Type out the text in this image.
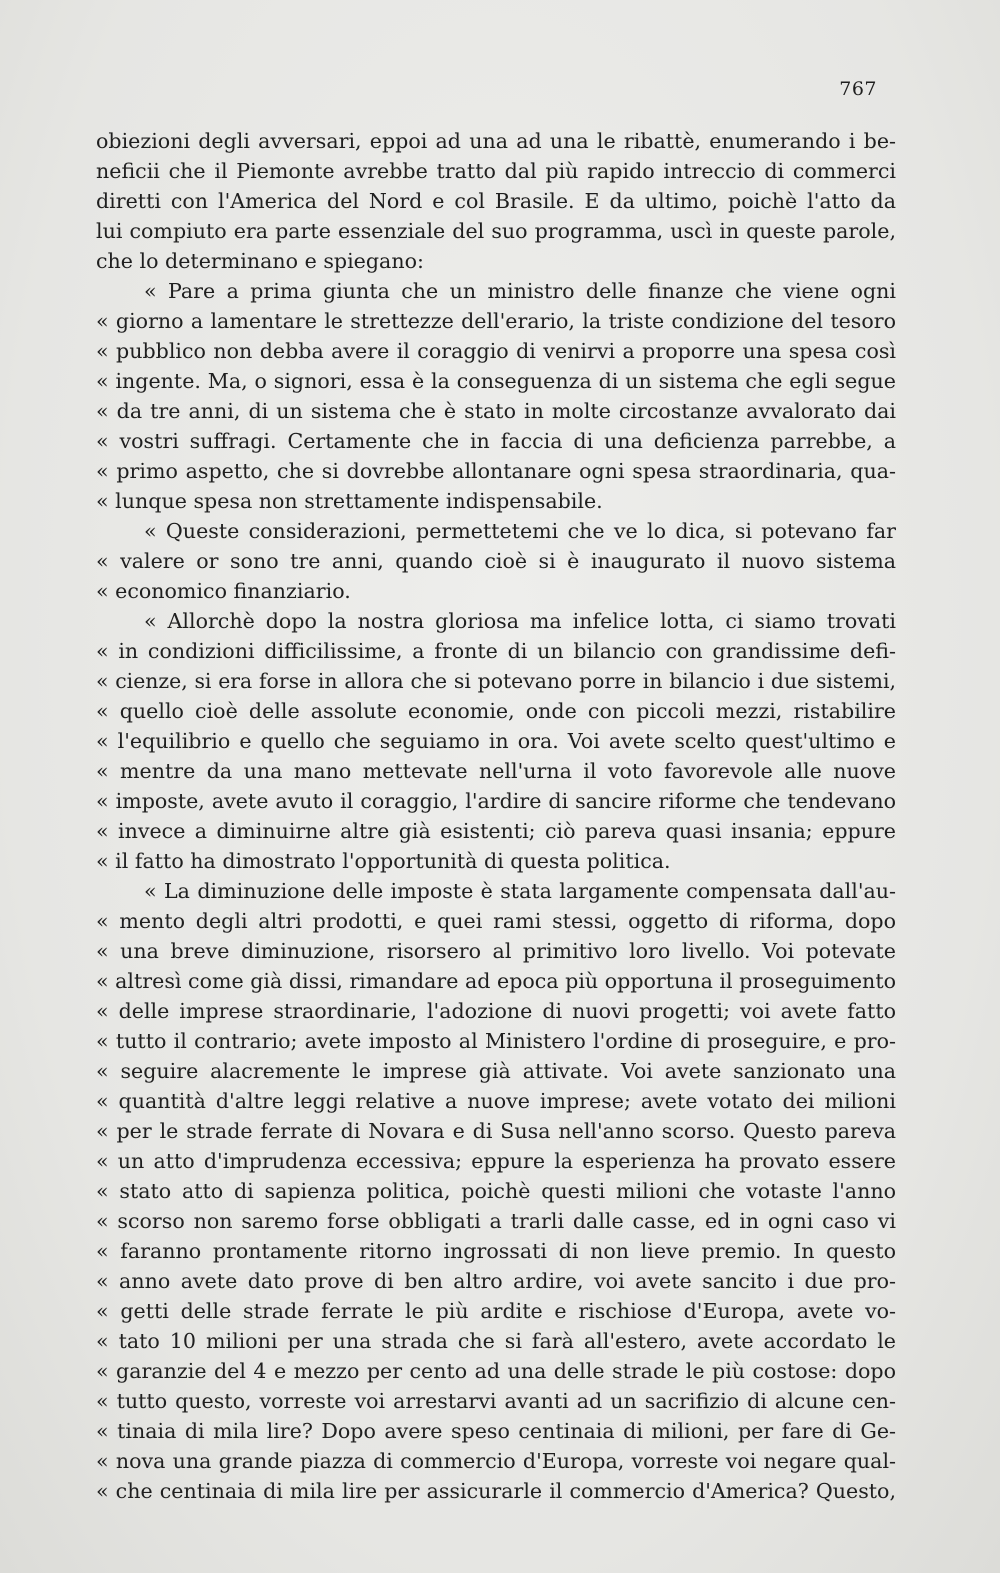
767
obiezioni degli avversari, eppoi ad una ad una le ribattè, enumerando i be-
neficii che il Piemonte avrebbe tratto dal più rapido intreccio di commerci
diretti con l'America del Nord e col Brasile. E da ultimo, poichè l'atto da
lui compiuto era parte essenziale del suo programma, uscì in queste parole,
che lo determinano e spiegano:
« Pare a prima giunta che un ministro delle finanze che viene ogni
« giorno a lamentare le strettezze dell'erario, la triste condizione del tesoro
« pubblico non debba avere il coraggio di venirvi a proporre una spesa così
« ingente. Ma, o signori, essa è la conseguenza di un sistema che egli segue
« da tre anni, di un sistema che è stato in molte circostanze avvalorato dai
« vostri suffragi. Certamente che in faccia di una deficienza parrebbe, a
« primo aspetto, che si dovrebbe allontanare ogni spesa straordinaria, qua-
« lunque spesa non strettamente indispensabile.
« Queste considerazioni, permettetemi che ve lo dica, si potevano far
« valere or sono tre anni, quando cioè si è inaugurato il nuovo sistema
« economico finanziario.
« Allorchè dopo la nostra gloriosa ma infelice lotta, ci siamo trovati
« in condizioni difficilissime, a fronte di un bilancio con grandissime defi-
« cienze, si era forse in allora che si potevano porre in bilancio i due sistemi,
« quello cioè delle assolute economie, onde con piccoli mezzi, ristabilire
« l'equilibrio e quello che seguiamo in ora. Voi avete scelto quest'ultimo e
« mentre da una mano mettevate nell'urna il voto favorevole alle nuove
« imposte, avete avuto il coraggio, l'ardire di sancire riforme che tendevano
« invece a diminuirne altre già esistenti; ciò pareva quasi insania; eppure
« il fatto ha dimostrato l'opportunità di questa politica.
« La diminuzione delle imposte è stata largamente compensata dall'au-
« mento degli altri prodotti, e quei rami stessi, oggetto di riforma, dopo
« una breve diminuzione, risorsero al primitivo loro livello. Voi potevate
« altresì come già dissi, rimandare ad epoca più opportuna il proseguimento
« delle imprese straordinarie, l'adozione di nuovi progetti; voi avete fatto
« tutto il contrario; avete imposto al Ministero l'ordine di proseguire, e pro-
« seguire alacremente le imprese già attivate. Voi avete sanzionato una
« quantità d'altre leggi relative a nuove imprese; avete votato dei milioni
« per le strade ferrate di Novara e di Susa nell'anno scorso. Questo pareva
« un atto d'imprudenza eccessiva; eppure la esperienza ha provato essere
« stato atto di sapienza politica, poichè questi milioni che votaste l'anno
« scorso non saremo forse obbligati a trarli dalle casse, ed in ogni caso vi
« faranno prontamente ritorno ingrossati di non lieve premio. In questo
« anno avete dato prove di ben altro ardire, voi avete sancito i due pro-
« getti delle strade ferrate le più ardite e rischiose d'Europa, avete vo-
« tato 10 milioni per una strada che si farà all'estero, avete accordato le
« garanzie del 4 e mezzo per cento ad una delle strade le più costose: dopo
« tutto questo, vorreste voi arrestarvi avanti ad un sacrifizio di alcune cen-
« tinaia di mila lire? Dopo avere speso centinaia di milioni, per fare di Ge-
« nova una grande piazza di commercio d'Europa, vorreste voi negare qual-
« che centinaia di mila lire per assicurarle il commercio d'America? Questo,
